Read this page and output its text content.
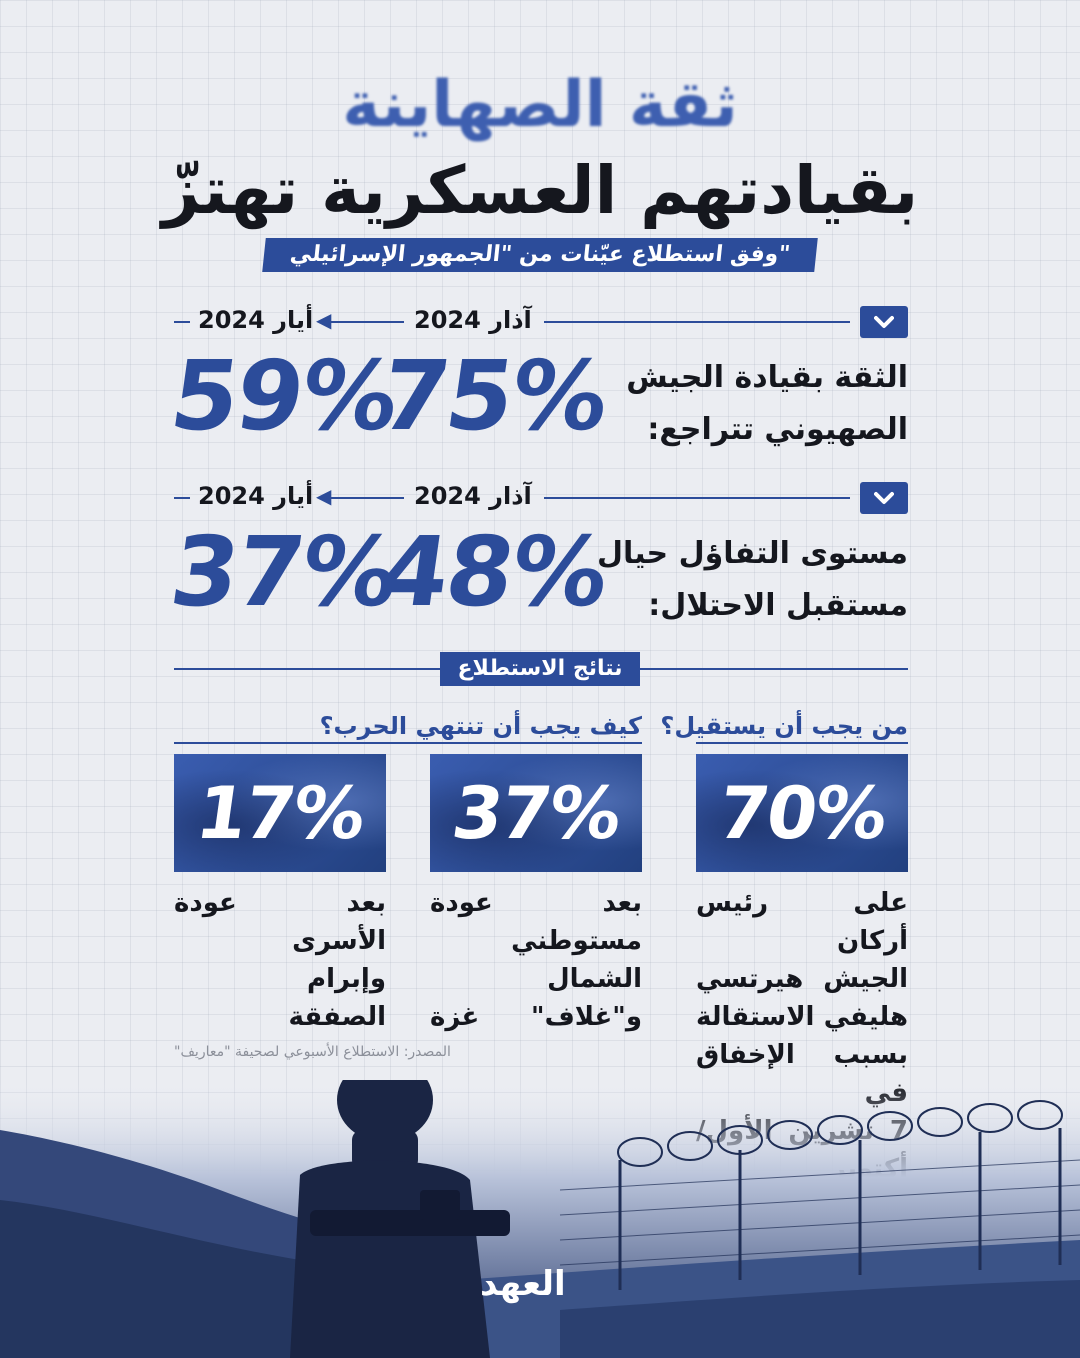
ثقة الصهاينة
بقيادتهم العسكرية تهتزّ
وفق استطلاع عيّنات من "الجمهور الإسرائيلي"
آذار 2024
◀
أيار 2024
59%
75% الثقة بقيادة الجيش
الصهيوني تتراجع:
آذار 2024
◀
أيار 2024
37%
48%
مستوى التفاؤل حيال
مستقبل الاحتلال:
نتائج الاستطلاع
من يجب أن يستقيل؟
كيف يجب أن تنتهي الحرب؟
70%
37%
17%
على رئيس أركان
الجيش هيرتسي
هليفي الاستقالة
بسبب الإخفاق
بعد عودة
مستوطني
الشمال
و"غلاف" غزة
بعد عودة
الأسرى
وإبرام
الصفقة
المصدر: الاستطلاع الأسبوعي لصحيفة "معاريف"
العهد
